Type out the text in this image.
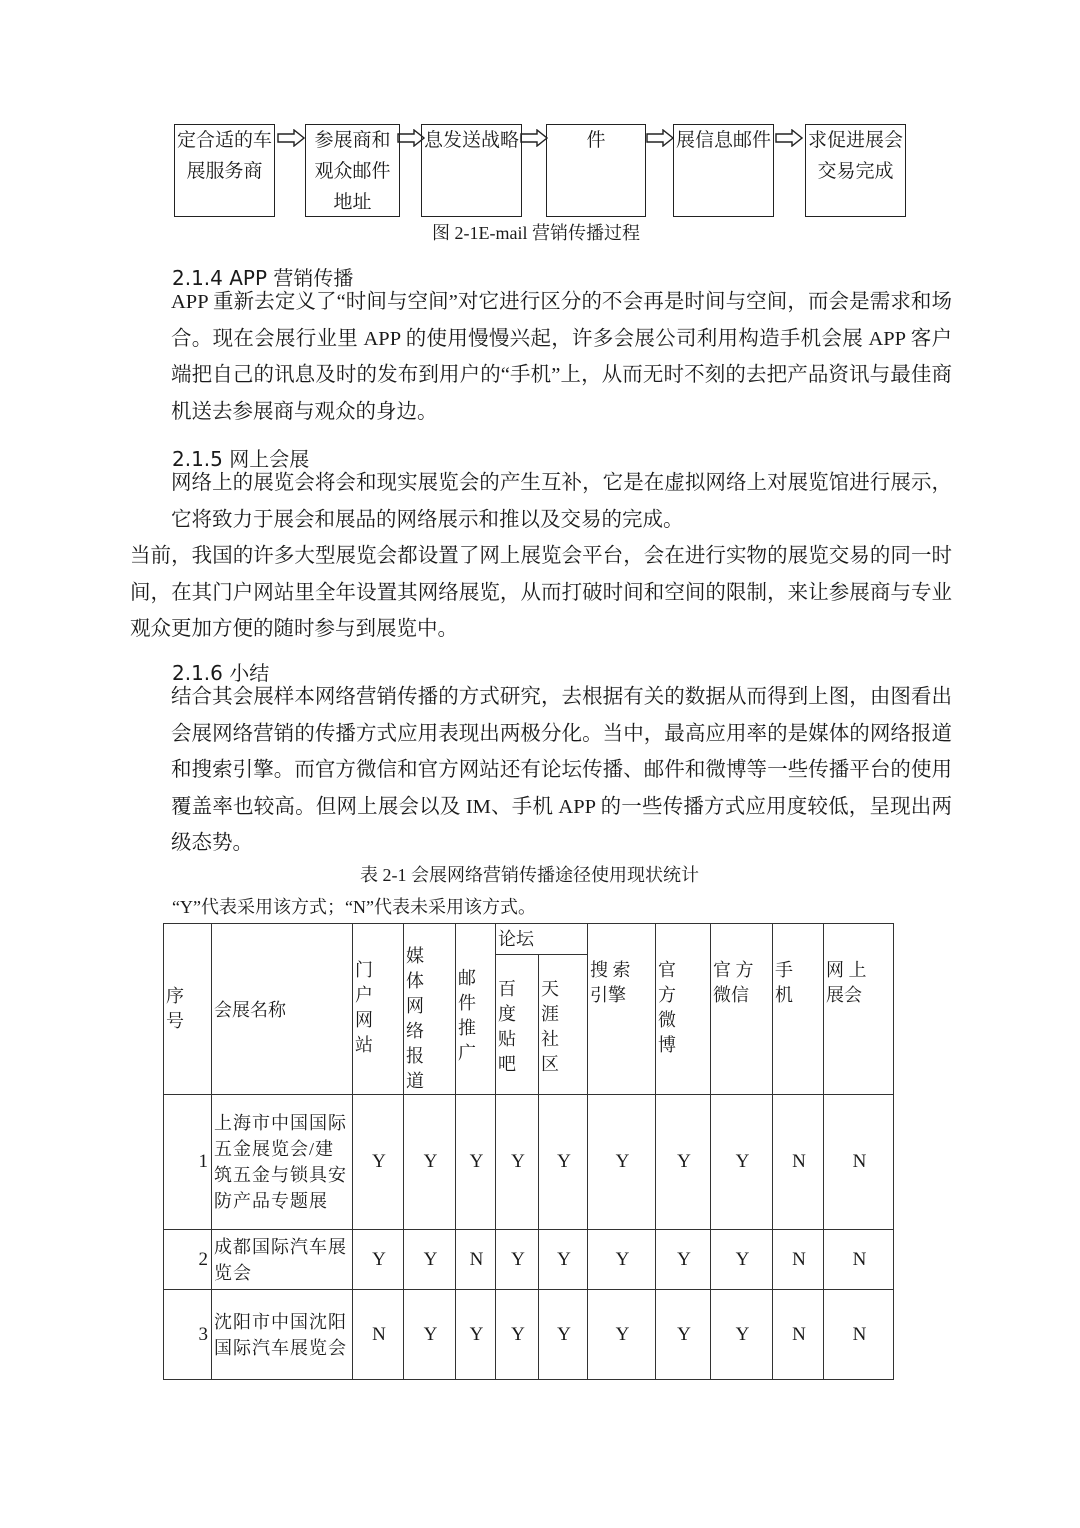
定合适的车
展服务商
参展商和
观众邮件
地址
息发送战略	件	展信息邮件 求促进展会
交易完成
图 2-1E-mail 营销传播过程
2.1.4 APP 营销传播
APP 重新去定义了“时间与空间”对它进行区分的不会再是时间与空间，而会是需求和场合。现在会展行业里 APP 的使用慢慢兴起，许多会展公司利用构造手机会展 APP 客户端把自己的讯息及时的发布到用户的“手机”上，从而无时不刻的去把产品资讯与最佳商机送去参展商与观众的身边。
2.1.5 网上会展
网络上的展览会将会和现实展览会的产生互补，它是在虚拟网络上对展览馆进行展示，它将致力于展会和展品的网络展示和推以及交易的完成。
当前，我国的许多大型展览会都设置了网上展览会平台，会在进行实物的展览交易的同一时间，在其门户网站里全年设置其网络展览，从而打破时间和空间的限制，来让参展商与专业观众更加方便的随时参与到展览中。
2.1.6 小结
结合其会展样本网络营销传播的方式研究，去根据有关的数据从而得到上图，由图看出会展网络营销的传播方式应用表现出两极分化。当中，最高应用率的是媒体的网络报道和搜索引擎。而官方微信和官方网站还有论坛传播、邮件和微博等一些传播平台的使用覆盖率也较高。但网上展会以及 IM、手机 APP 的一些传播方式应用度较低，呈现出两级态势。
表 2-1 会展网络营销传播途径使用现状统计
“Y”代表采用该方式；“N”代表未采用该方式。
序号	会展名称	门户网站	媒体网络报道	邮件推广	论坛		搜 索引擎	官方微博	官 方微信	手机	网 上展会

					百度贴吧	天涯社区					

1	上海市中国国际五金展览会/建筑五金与锁具安防产品专题展	Y	Y	Y	Y	Y	Y	Y	Y	N	N
2	成都国际汽车展览会	Y	Y	N	Y	Y	Y	Y	Y	N	N
3	沈阳市中国沈阳国际汽车展览会	N	Y	Y	Y	Y	Y	Y	Y	N	N
